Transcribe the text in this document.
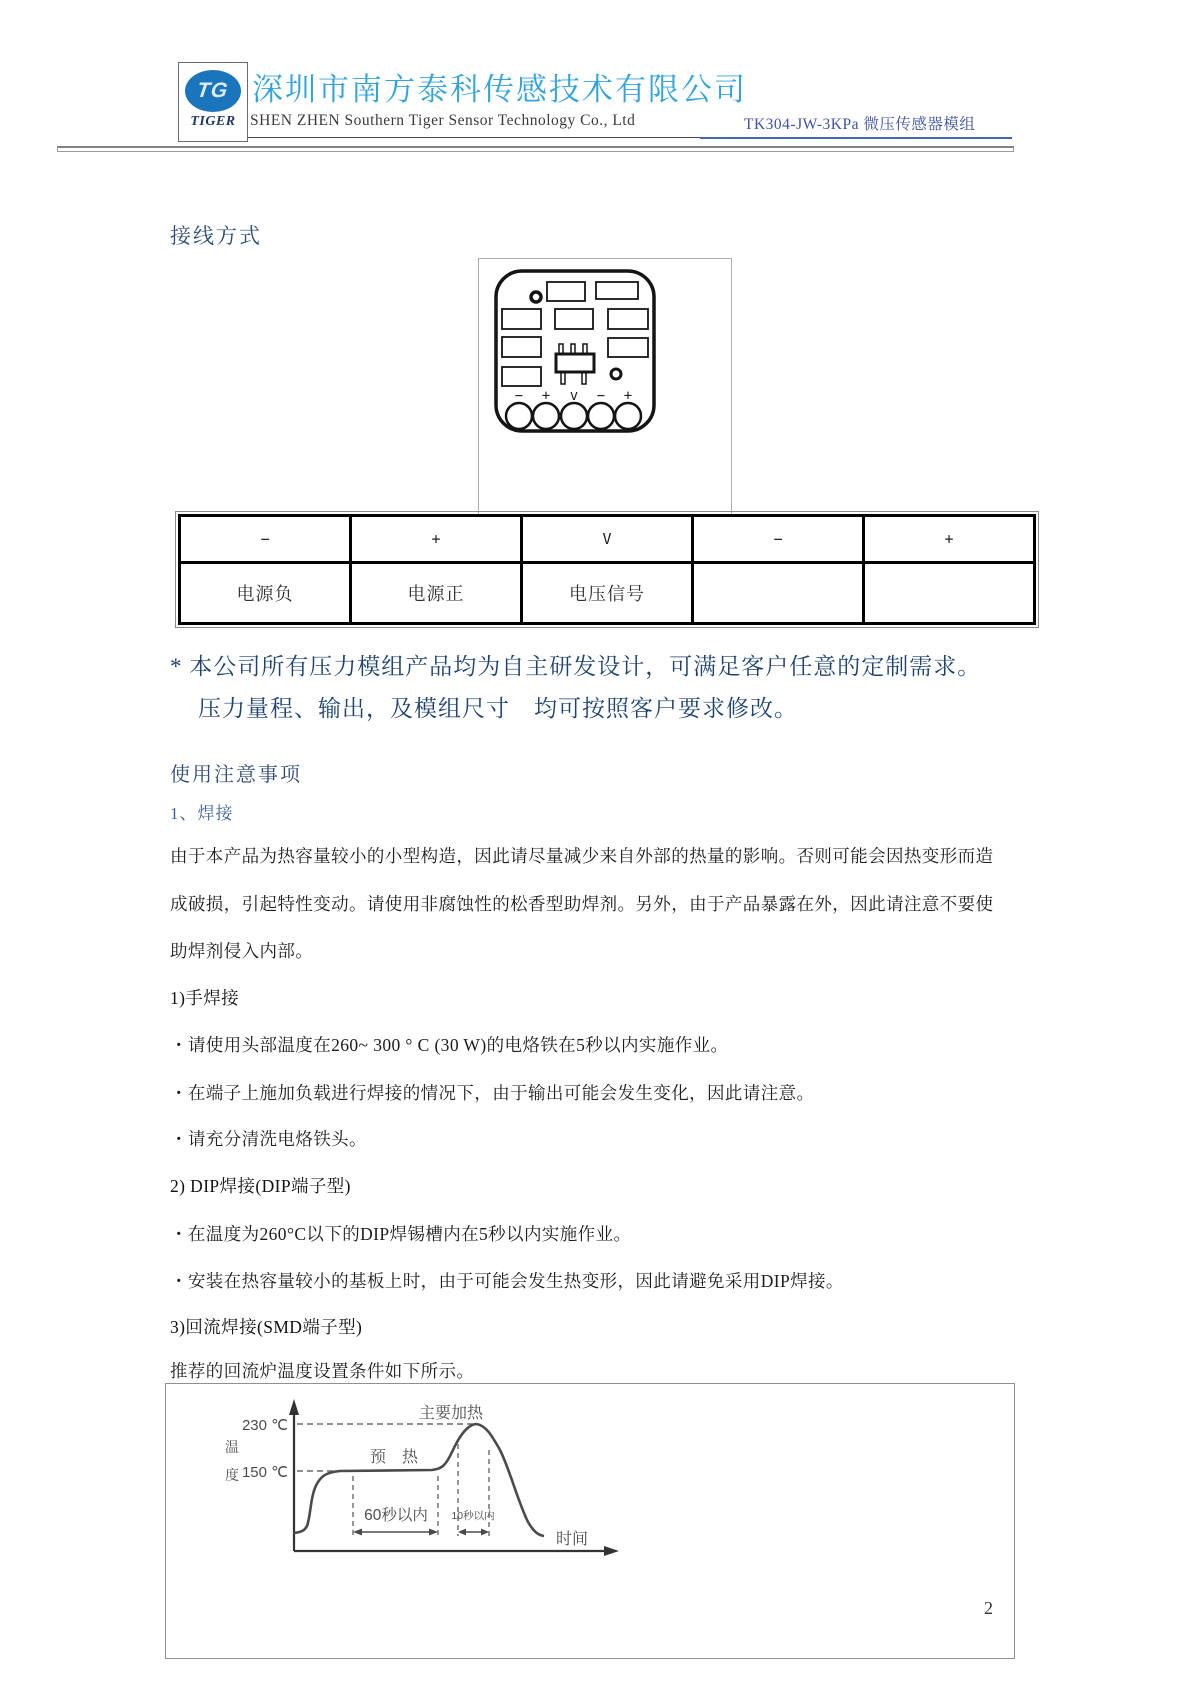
TG
TIGER
深圳市南方泰科传感技术有限公司
SHEN ZHEN Southern Tiger Sensor Technology Co., Ltd	TK304-JW-3KPa 微压传感器模组
接线方式
− + v − +
−	+	V	−	+
电源负	电源正	电压信号		
* 本公司所有压力模组产品均为自主研发设计，可满足客户任意的定制需求。
压力量程、输出，及模组尺寸　均可按照客户要求修改。
使用注意事项
1、焊接
由于本产品为热容量较小的小型构造，因此请尽量减少来自外部的热量的影响。否则可能会因热变形而造
成破损，引起特性变动。请使用非腐蚀性的松香型助焊剂。另外，由于产品暴露在外，因此请注意不要使
助焊剂侵入内部。
1)手焊接
・请使用头部温度在260~ 300 ° C (30 W)的电烙铁在5秒以内实施作业。
・在端子上施加负载进行焊接的情况下，由于输出可能会发生变化，因此请注意。
・请充分清洗电烙铁头。
2) DIP焊接(DIP端子型)
・在温度为260°C以下的DIP焊锡槽内在5秒以内实施作业。
・安装在热容量较小的基板上时，由于可能会发生热变形，因此请避免采用DIP焊接。
3)回流焊接(SMD端子型)
推荐的回流炉温度设置条件如下所示。
230 ℃
150 ℃
温
度
主要加热
预　热
60秒以内 10秒以内
时间
2
